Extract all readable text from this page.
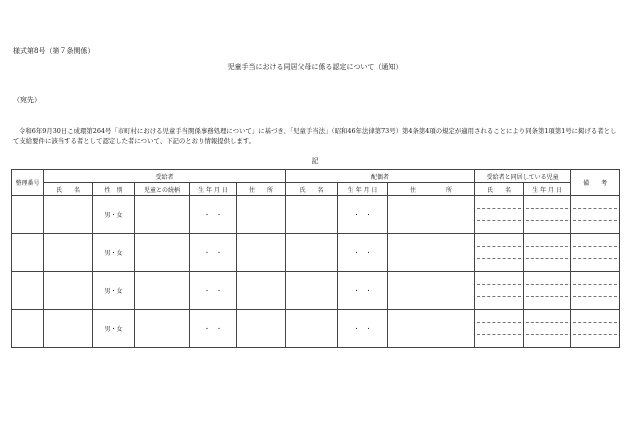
様式第8号（第７条関係）
児童手当における同居父母に係る認定について（通知）
（宛先）
令和6年9月30日こ成環第264号「市町村における児童手当関係事務処理について」に基づき、「児童手当法」（昭和46年法律第73号）第4条第4項の規定が適用されることにより同条第1項第1号に掲げる者として支給要件に該当する者として認定した者について、下記のとおり情報提供します。
記
整理番号	受給者					配偶者			受給者と同居している児童		備　　考
	氏　　名	性　別	児童との続柄	生 年 月 日	住　　所	氏　　名	生 年 月 日	住　　　　　所	氏　　名	生 年 月 日	
		男・女		・　・			・　・		

		男・女		・　・			・　・		

		男・女		・　・			・　・		

		男・女		・　・			・　・		
